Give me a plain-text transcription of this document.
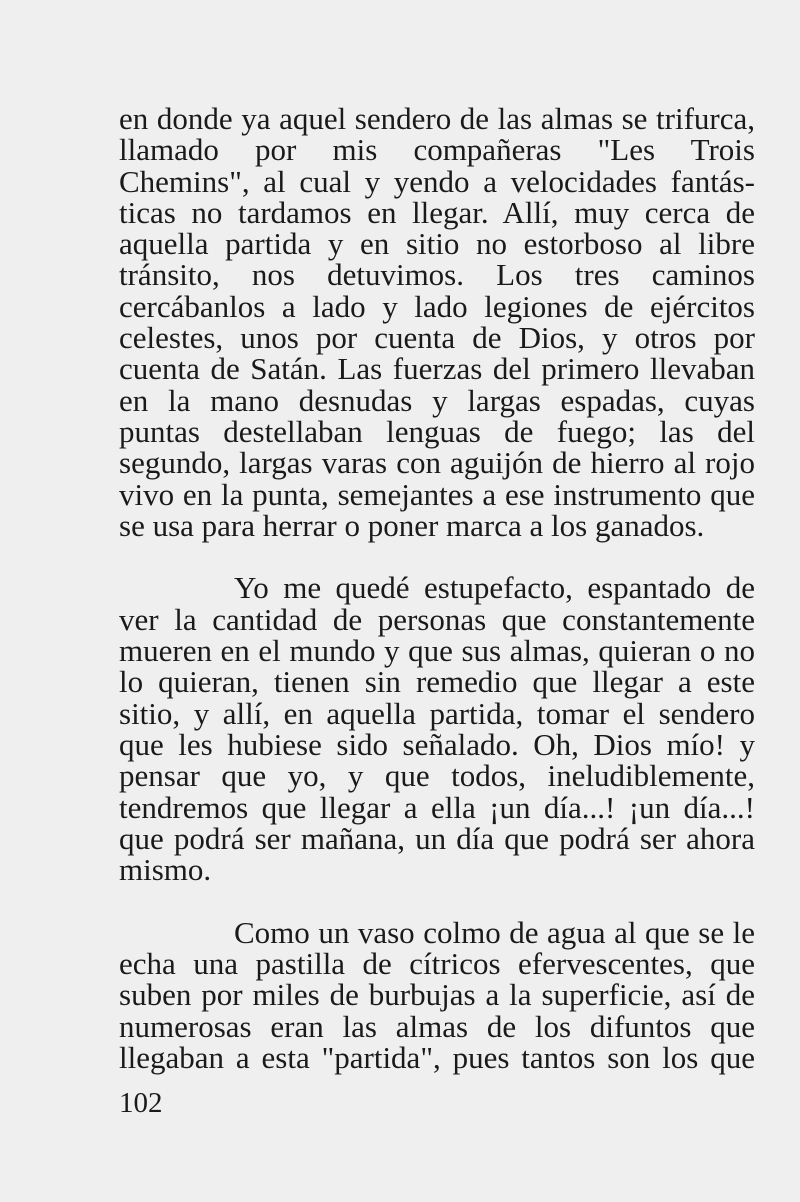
en donde ya aquel sendero de las almas se trifurca,
llamado por mis compañeras "Les Trois
Chemins", al cual y yendo a velocidades fantás-
ticas no tardamos en llegar. Allí, muy cerca de
aquella partida y en sitio no estorboso al libre
tránsito, nos detuvimos. Los tres caminos
cercábanlos a lado y lado legiones de ejércitos
celestes, unos por cuenta de Dios, y otros por
cuenta de Satán. Las fuerzas del primero llevaban
en la mano desnudas y largas espadas, cuyas
puntas destellaban lenguas de fuego; las del
segundo, largas varas con aguijón de hierro al rojo
vivo en la punta, semejantes a ese instrumento que
se usa para herrar o poner marca a los ganados.
Yo me quedé estupefacto, espantado de
ver la cantidad de personas que constantemente
mueren en el mundo y que sus almas, quieran o no
lo quieran, tienen sin remedio que llegar a este
sitio, y allí, en aquella partida, tomar el sendero
que les hubiese sido señalado. Oh, Dios mío! y
pensar que yo, y que todos, ineludiblemente,
tendremos que llegar a ella ¡un día...! ¡un día...!
que podrá ser mañana, un día que podrá ser ahora
mismo.
Como un vaso colmo de agua al que se le
echa una pastilla de cítricos efervescentes, que
suben por miles de burbujas a la superficie, así de
numerosas eran las almas de los difuntos que
llegaban a esta "partida", pues tantos son los que
102
